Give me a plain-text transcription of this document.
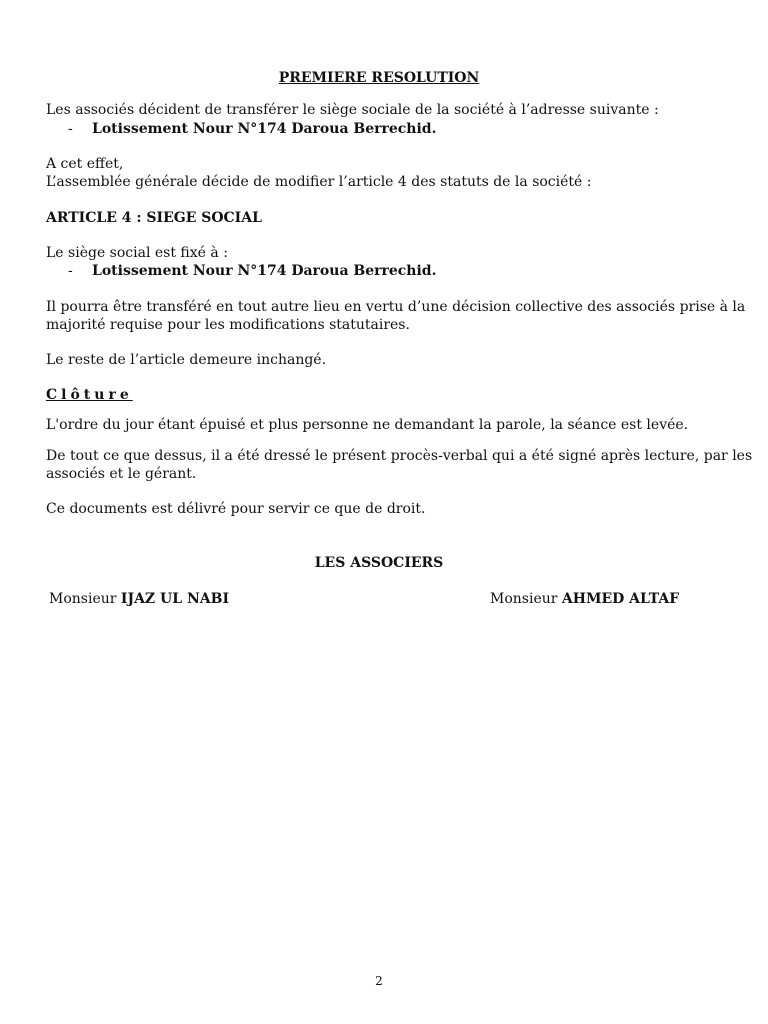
PREMIERE RESOLUTION
Les associés décident de transférer le siège sociale de la société à l’adresse suivante :
- Lotissement Nour N°174 Daroua Berrechid.
A cet effet,
L’assemblée générale décide de modifier l’article 4 des statuts de la société :
ARTICLE 4 : SIEGE SOCIAL
Le siège social est fixé à :
- Lotissement Nour N°174 Daroua Berrechid.
Il pourra être transféré en tout autre lieu en vertu d’une décision collective des associés prise à la
majorité requise pour les modifications statutaires.
Le reste de l’article demeure inchangé.
Clôture
L'ordre du jour étant épuisé et plus personne ne demandant la parole, la séance est levée.
De tout ce que dessus, il a été dressé le présent procès-verbal qui a été signé après lecture, par les
associés et le gérant.
Ce documents est délivré pour servir ce que de droit.
LES ASSOCIERS
Monsieur IJAZ UL NABI	Monsieur AHMED ALTAF
2
